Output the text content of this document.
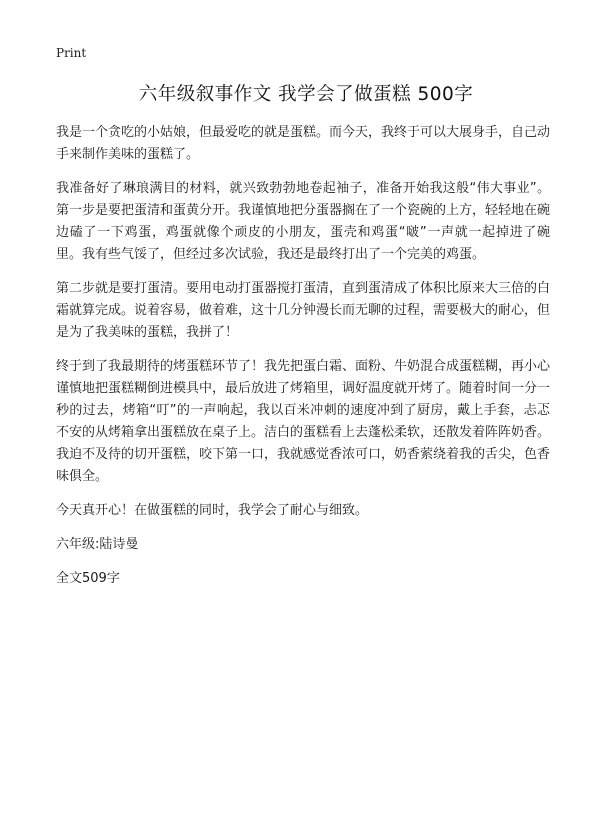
Print
六年级叙事作文 我学会了做蛋糕 500字

我是一个贪吃的小姑娘，但最爱吃的就是蛋糕。而今天，我终于可以大展身手，自己动手来制作美味的蛋糕了。

我准备好了琳琅满目的材料，就兴致勃勃地卷起袖子，准备开始我这般“伟大事业”。第一步是要把蛋清和蛋黄分开。我谨慎地把分蛋器搁在了一个瓷碗的上方，轻轻地在碗边磕了一下鸡蛋，鸡蛋就像个顽皮的小朋友，蛋壳和鸡蛋“啵”一声就一起掉进了碗里。我有些气馁了，但经过多次试验，我还是最终打出了一个完美的鸡蛋。

第二步就是要打蛋清。要用电动打蛋器搅打蛋清，直到蛋清成了体积比原来大三倍的白霜就算完成。说着容易，做着难，这十几分钟漫长而无聊的过程，需要极大的耐心，但是为了我美味的蛋糕，我拼了！

终于到了我最期待的烤蛋糕环节了！我先把蛋白霜、面粉、牛奶混合成蛋糕糊，再小心谨慎地把蛋糕糊倒进模具中，最后放进了烤箱里，调好温度就开烤了。随着时间一分一秒的过去，烤箱“叮”的一声响起，我以百米冲刺的速度冲到了厨房，戴上手套，忐忑不安的从烤箱拿出蛋糕放在桌子上。洁白的蛋糕看上去蓬松柔软，还散发着阵阵奶香。我迫不及待的切开蛋糕，咬下第一口，我就感觉香浓可口，奶香萦绕着我的舌尖，色香味俱全。

今天真开心！在做蛋糕的同时，我学会了耐心与细致。

六年级:陆诗曼

全文509字
